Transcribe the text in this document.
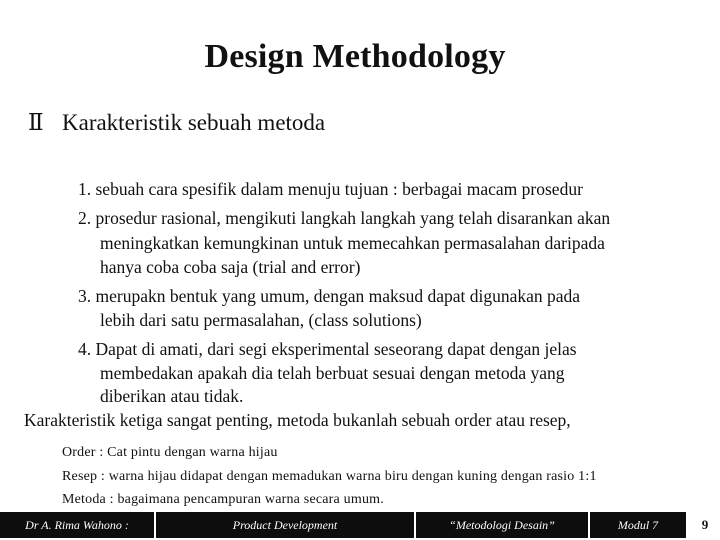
Design Methodology
Ⅱ Karakteristik sebuah metoda
1. sebuah cara spesifik dalam menuju tujuan : berbagai macam prosedur
2. prosedur rasional, mengikuti langkah langkah yang telah disarankan akan
meningkatkan kemungkinan untuk memecahkan permasalahan daripada
hanya coba coba saja (trial and error)
3. merupakn bentuk yang umum, dengan maksud dapat digunakan pada
lebih dari satu permasalahan, (class solutions)
4. Dapat di amati, dari segi eksperimental seseorang dapat dengan jelas
membedakan apakah dia telah berbuat sesuai dengan metoda yang
diberikan atau tidak.
Karakteristik ketiga sangat penting, metoda bukanlah sebuah order atau resep,
Order : Cat pintu dengan warna hijau
Resep : warna hijau didapat dengan memadukan warna biru dengan kuning dengan rasio 1:1
Metoda : bagaimana pencampuran warna secara umum.
Dr A. Rima Wahono :	Product Development	“Metodologi Desain”	Modul 7	9
